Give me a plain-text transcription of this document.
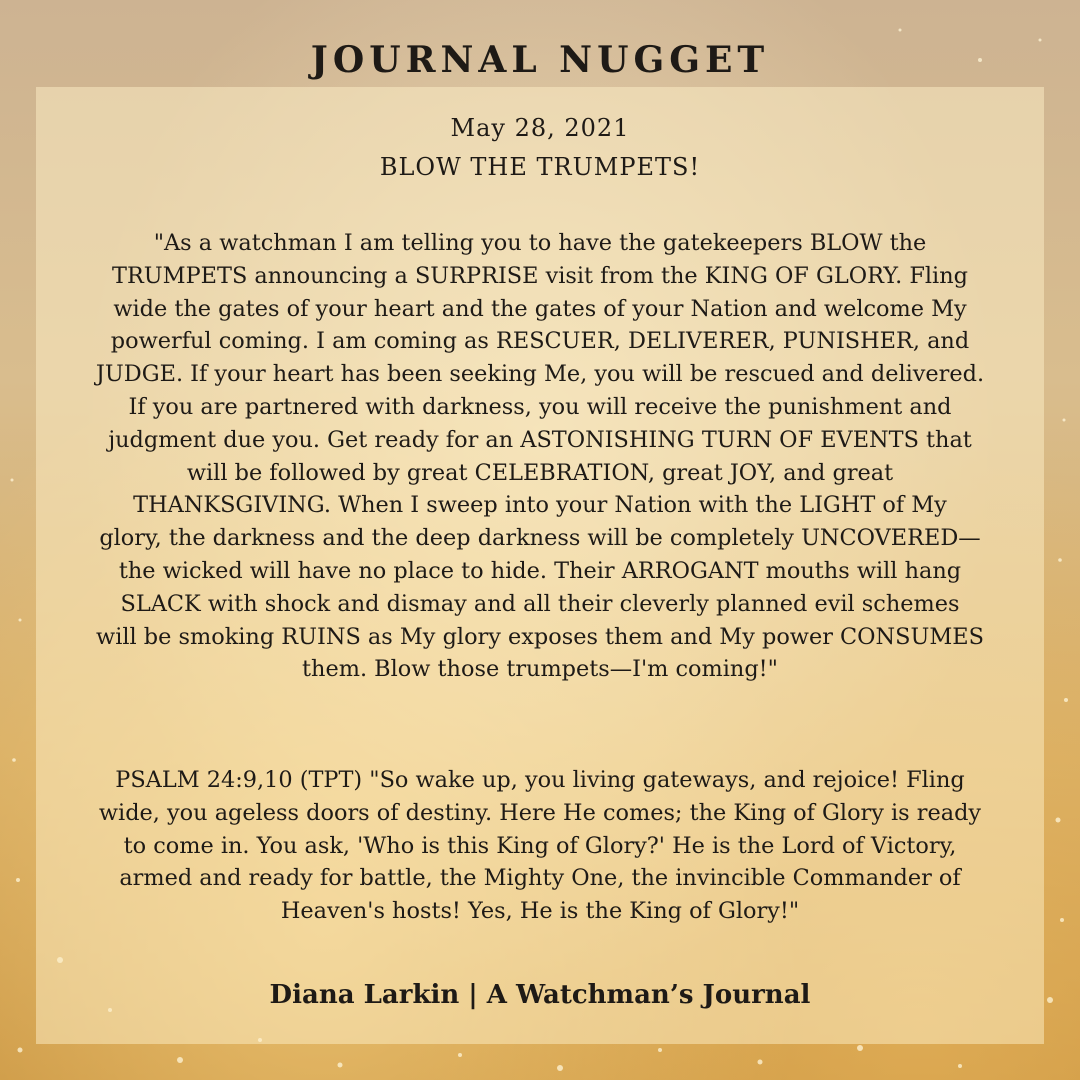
JOURNAL NUGGET
May 28, 2021
BLOW THE TRUMPETS!
"As a watchman I am telling you to have the gatekeepers BLOW the
TRUMPETS announcing a SURPRISE visit from the KING OF GLORY. Fling
wide the gates of your heart and the gates of your Nation and welcome My
powerful coming. I am coming as RESCUER, DELIVERER, PUNISHER, and
JUDGE. If your heart has been seeking Me, you will be rescued and delivered.
If you are partnered with darkness, you will receive the punishment and
judgment due you. Get ready for an ASTONISHING TURN OF EVENTS that
will be followed by great CELEBRATION, great JOY, and great
THANKSGIVING. When I sweep into your Nation with the LIGHT of My
glory, the darkness and the deep darkness will be completely UNCOVERED—
the wicked will have no place to hide. Their ARROGANT mouths will hang
SLACK with shock and dismay and all their cleverly planned evil schemes
will be smoking RUINS as My glory exposes them and My power CONSUMES
them. Blow those trumpets—I'm coming!"
PSALM 24:9,10 (TPT) "So wake up, you living gateways, and rejoice! Fling
wide, you ageless doors of destiny. Here He comes; the King of Glory is ready
to come in. You ask, 'Who is this King of Glory?' He is the Lord of Victory,
armed and ready for battle, the Mighty One, the invincible Commander of
Heaven's hosts! Yes, He is the King of Glory!"
Diana Larkin | A Watchman’s Journal
